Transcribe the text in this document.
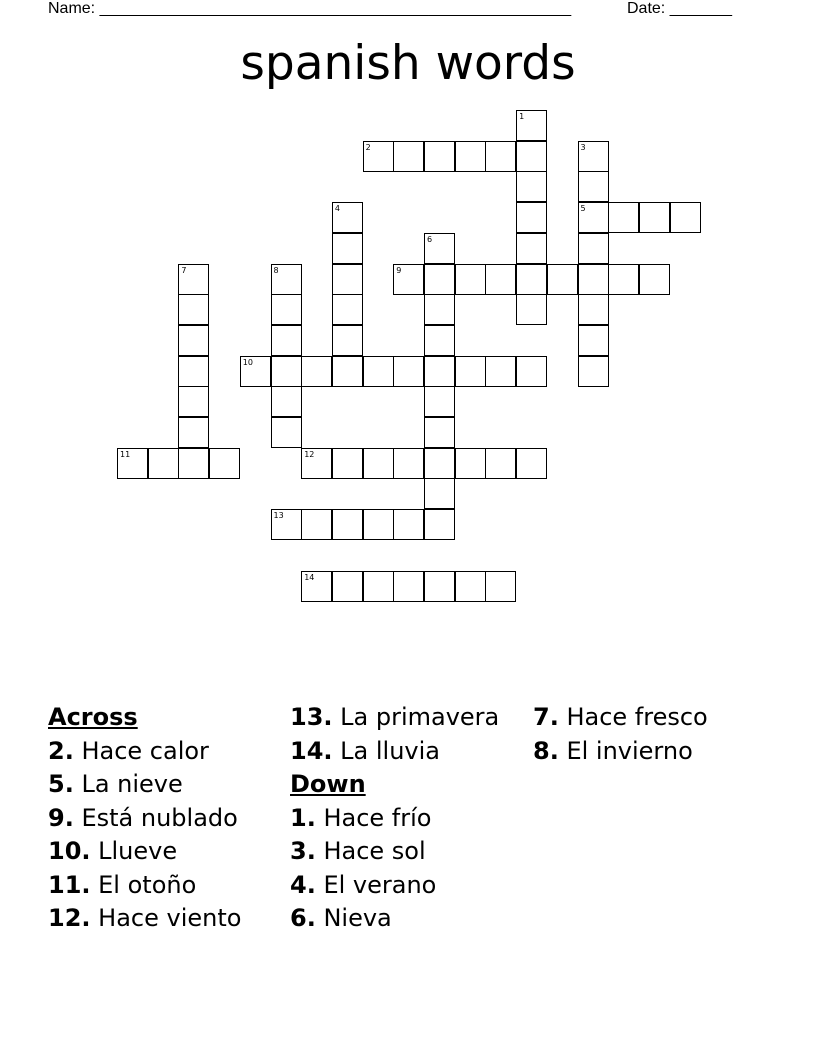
Name: _____________________________________________________	Date: _______
spanish words
1
2	3
5
4
6
7	8	9
10
11	12
13
14
Across
2. Hace calor
5. La nieve
9. Está nublado
10. Llueve
11. El otoño
12. Hace viento
13. La primavera
14. La lluvia
Down
1. Hace frío
3. Hace sol
4. El verano
6. Nieva
7. Hace fresco
8. El invierno
